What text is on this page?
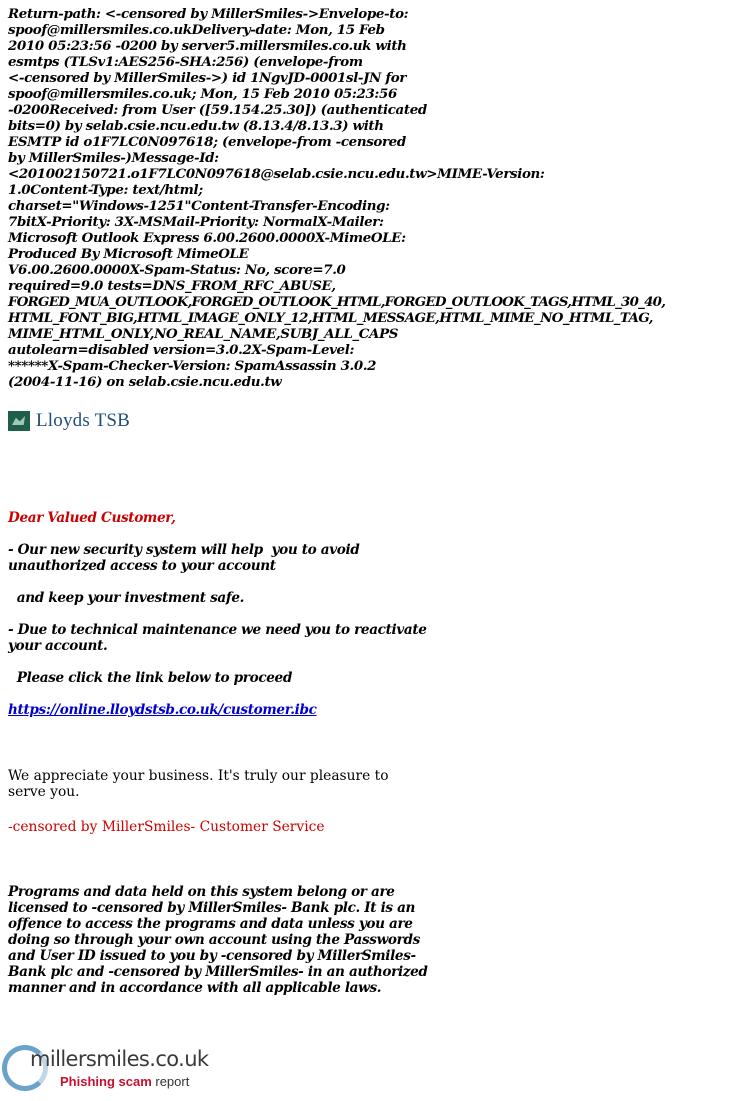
Return-path: <-censored by MillerSmiles->Envelope-to:
spoof@millersmiles.co.ukDelivery-date: Mon, 15 Feb
2010 05:23:56 -0200 by server5.millersmiles.co.uk with
esmtps (TLSv1:AES256-SHA:256) (envelope-from
<-censored by MillerSmiles->) id 1NgvJD-0001sl-JN for
spoof@millersmiles.co.uk; Mon, 15 Feb 2010 05:23:56
-0200Received: from User ([59.154.25.30]) (authenticated
bits=0) by selab.csie.ncu.edu.tw (8.13.4/8.13.3) with
ESMTP id o1F7LC0N097618; (envelope-from -censored
by MillerSmiles-)Message-Id:
<201002150721.o1F7LC0N097618@selab.csie.ncu.edu.tw>MIME-Version:
1.0Content-Type: text/html;
charset="Windows-1251"Content-Transfer-Encoding:
7bitX-Priority: 3X-MSMail-Priority: NormalX-Mailer:
Microsoft Outlook Express 6.00.2600.0000X-MimeOLE:
Produced By Microsoft MimeOLE
V6.00.2600.0000X-Spam-Status: No, score=7.0
required=9.0 tests=DNS_FROM_RFC_ABUSE,
FORGED_MUA_OUTLOOK,FORGED_OUTLOOK_HTML,FORGED_OUTLOOK_TAGS,HTML_30_40,
HTML_FONT_BIG,HTML_IMAGE_ONLY_12,HTML_MESSAGE,HTML_MIME_NO_HTML_TAG,
MIME_HTML_ONLY,NO_REAL_NAME,SUBJ_ALL_CAPS
autolearn=disabled version=3.0.2X-Spam-Level:
******X-Spam-Checker-Version: SpamAssassin 3.0.2
(2004-11-16) on selab.csie.ncu.edu.tw
Lloyds TSB
Dear Valued Customer,
- Our new security system will help  you to avoid
unauthorized access to your account
and keep your investment safe.
- Due to technical maintenance we need you to reactivate
your account.
Please click the link below to proceed
https://online.lloydstsb.co.uk/customer.ibc
We appreciate your business. It's truly our pleasure to
serve you.
-censored by MillerSmiles- Customer Service
Programs and data held on this system belong or are
licensed to -censored by MillerSmiles- Bank plc. It is an
offence to access the programs and data unless you are
doing so through your own account using the Passwords
and User ID issued to you by -censored by MillerSmiles-
Bank plc and -censored by MillerSmiles- in an authorized
manner and in accordance with all applicable laws.
millersmiles.co.uk
Phishing scam report
